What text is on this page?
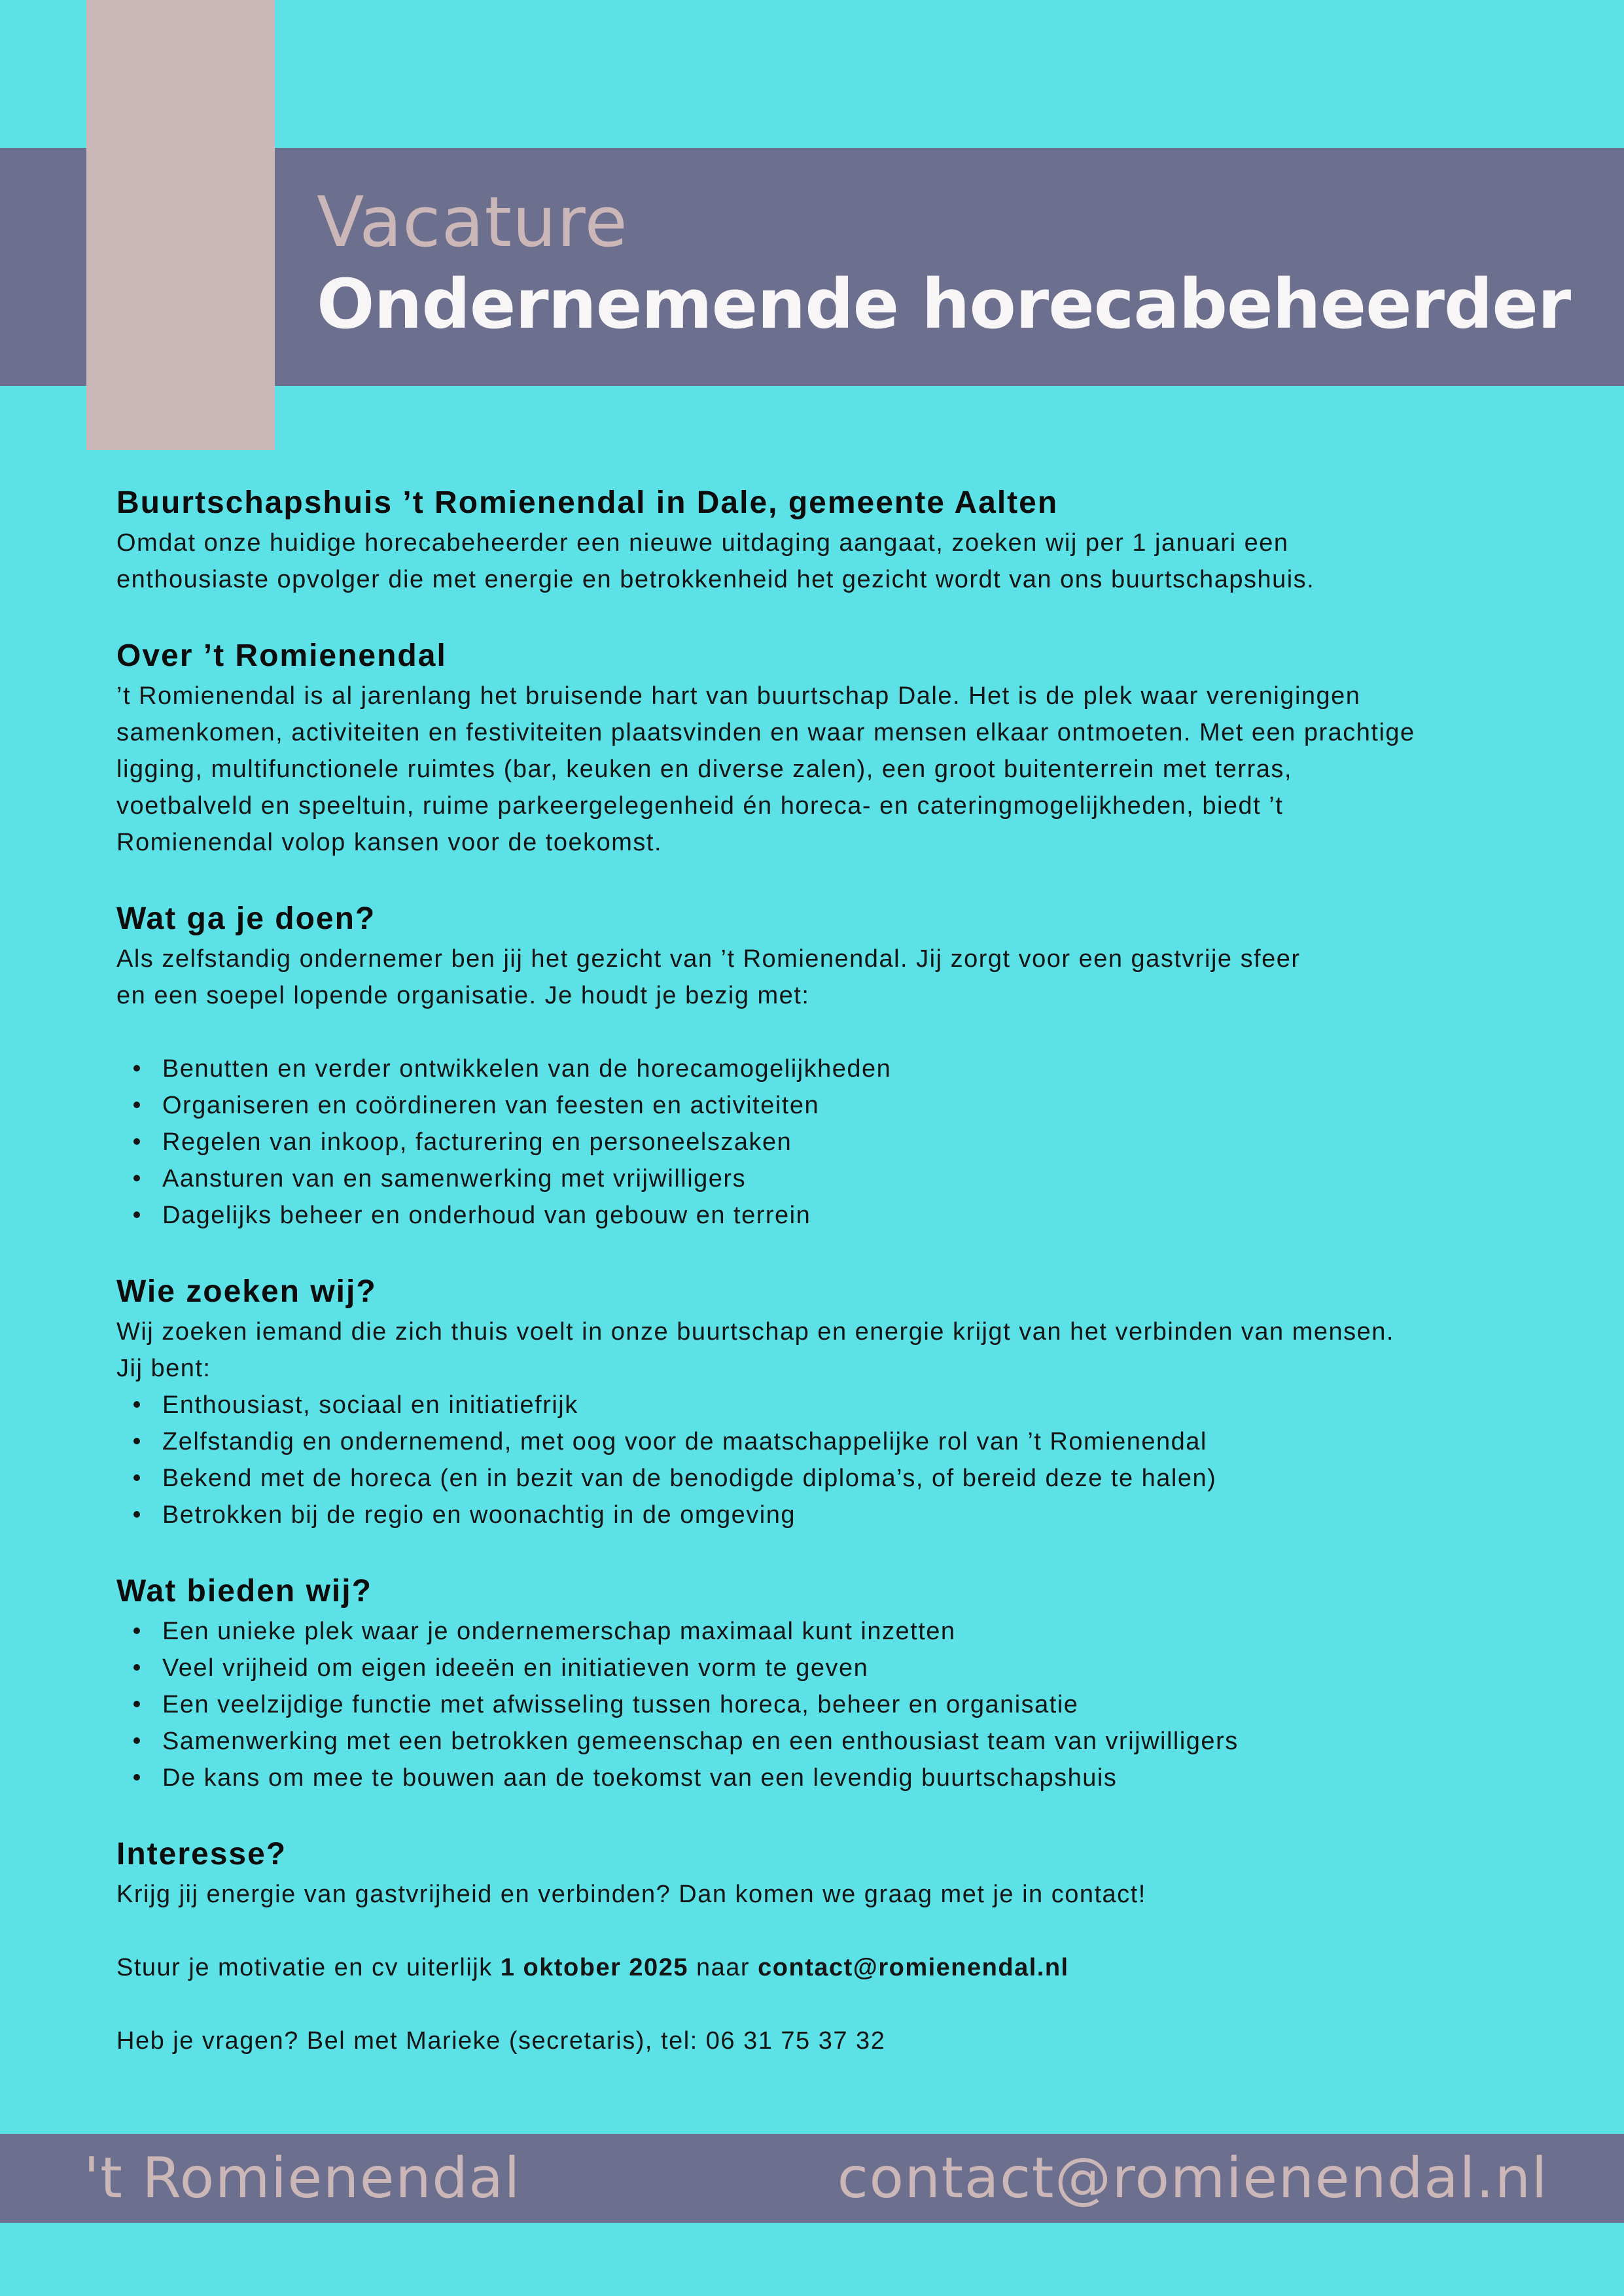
Vacature
Ondernemende horecabeheerder
Buurtschapshuis ’t Romienendal in Dale, gemeente Aalten

Omdat onze huidige horecabeheerder een nieuwe uitdaging aangaat, zoeken wij per 1 januari een

enthousiaste opvolger die met energie en betrokkenheid het gezicht wordt van ons buurtschapshuis.

Over ’t Romienendal

’t Romienendal is al jarenlang het bruisende hart van buurtschap Dale. Het is de plek waar verenigingen

samenkomen, activiteiten en festiviteiten plaatsvinden en waar mensen elkaar ontmoeten. Met een prachtige

ligging, multifunctionele ruimtes (bar, keuken en diverse zalen), een groot buitenterrein met terras,

voetbalveld en speeltuin, ruime parkeergelegenheid én horeca- en cateringmogelijkheden, biedt ’t

Romienendal volop kansen voor de toekomst.

Wat ga je doen?

Als zelfstandig ondernemer ben jij het gezicht van ’t Romienendal. Jij zorgt voor een gastvrije sfeer

en een soepel lopende organisatie. Je houdt je bezig met:

Benutten en verder ontwikkelen van de horecamogelijkheden
Organiseren en coördineren van feesten en activiteiten
Regelen van inkoop, facturering en personeelszaken
Aansturen van en samenwerking met vrijwilligers
Dagelijks beheer en onderhoud van gebouw en terrein
Wie zoeken wij?

Wij zoeken iemand die zich thuis voelt in onze buurtschap en energie krijgt van het verbinden van mensen.

Jij bent:

Enthousiast, sociaal en initiatiefrijk
Zelfstandig en ondernemend, met oog voor de maatschappelijke rol van ’t Romienendal
Bekend met de horeca (en in bezit van de benodigde diploma’s, of bereid deze te halen)
Betrokken bij de regio en woonachtig in de omgeving
Wat bieden wij?
Een unieke plek waar je ondernemerschap maximaal kunt inzetten
Veel vrijheid om eigen ideeën en initiatieven vorm te geven
Een veelzijdige functie met afwisseling tussen horeca, beheer en organisatie
Samenwerking met een betrokken gemeenschap en een enthousiast team van vrijwilligers
De kans om mee te bouwen aan de toekomst van een levendig buurtschapshuis
Interesse?

Krijg jij energie van gastvrijheid en verbinden? Dan komen we graag met je in contact!

Stuur je motivatie en cv uiterlijk 1 oktober 2025 naar contact@romienendal.nl

Heb je vragen? Bel met Marieke (secretaris), tel: 06 31 75 37 32

't Romienendal	contact@romienendal.nl
